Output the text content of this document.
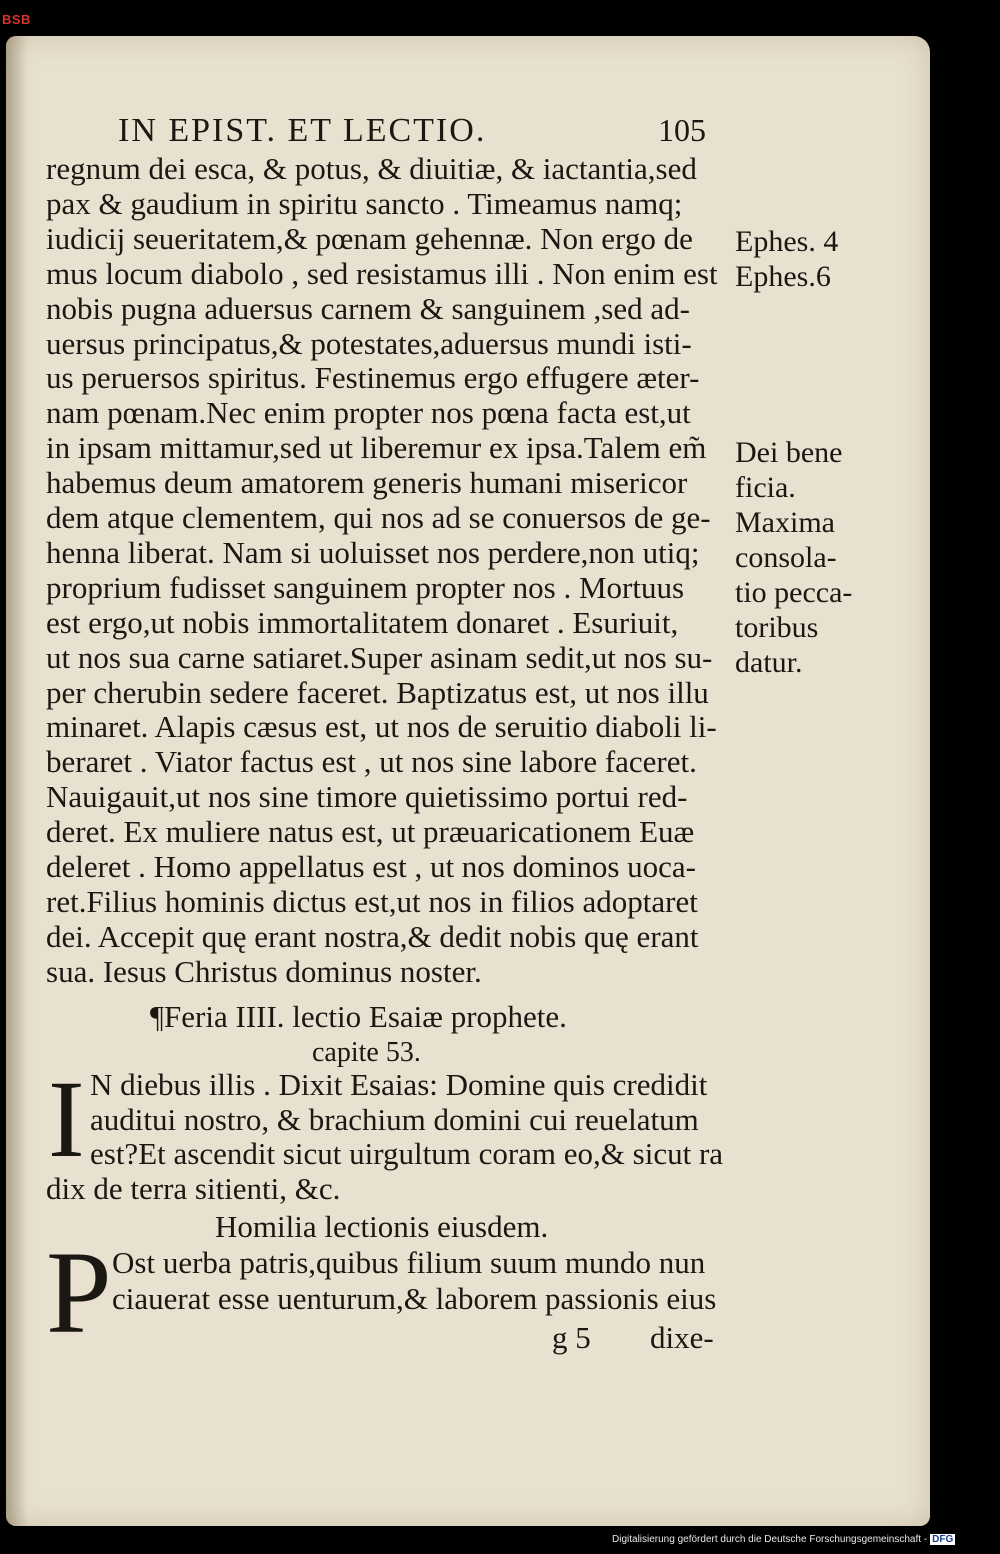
BSB
IN EPIST. ET LECTIO.	105
regnum dei esca, & potus, & diuitiæ, & iactantia,sed
pax & gaudium in spiritu sancto . Timeamus namq;
iudicij seueritatem,& pœnam gehennæ. Non ergo de
mus locum diabolo , sed resistamus illi . Non enim est
nobis pugna aduersus carnem & sanguinem ,sed ad-
uersus principatus,& potestates,aduersus mundi isti-
us peruersos spiritus. Festinemus ergo effugere æter-
nam pœnam.Nec enim propter nos pœna facta est,ut
in ipsam mittamur,sed ut liberemur ex ipsa.Talem em̃
habemus deum amatorem generis humani misericor
dem atque clementem, qui nos ad se conuersos de ge-
henna liberat. Nam si uoluisset nos perdere,non utiq;
proprium fudisset sanguinem propter nos . Mortuus
est ergo,ut nobis immortalitatem donaret . Esuriuit,
ut nos sua carne satiaret.Super asinam sedit,ut nos su-
per cherubin sedere faceret. Baptizatus est, ut nos illu
minaret. Alapis cæsus est, ut nos de seruitio diaboli li-
beraret . Viator factus est , ut nos sine labore faceret.
Nauigauit,ut nos sine timore quietissimo portui red-
deret. Ex muliere natus est, ut præuaricationem Euæ
deleret . Homo appellatus est , ut nos dominos uoca-
ret.Filius hominis dictus est,ut nos in filios adoptaret
dei. Accepit quę erant nostra,& dedit nobis quę erant
sua. Iesus Christus dominus noster.
Ephes. 4
Ephes.6
Dei bene
ficia.
Maxima
consola-
tio pecca-
toribus
datur.
¶Feria IIII. lectio Esaiæ prophete.
capite 53.
I N diebus illis . Dixit Esaias: Domine quis credidit
auditui nostro, & brachium domini cui reuelatum
est?Et ascendit sicut uirgultum coram eo,& sicut ra
dix de terra sitienti, &c.
Homilia lectionis eiusdem.
P Ost uerba patris,quibus filium suum mundo nun
ciauerat esse uenturum,& laborem passionis eius
g 5 dixe-
Digitalisierung gefördert durch die Deutsche Forschungsgemeinschaft - DFG
